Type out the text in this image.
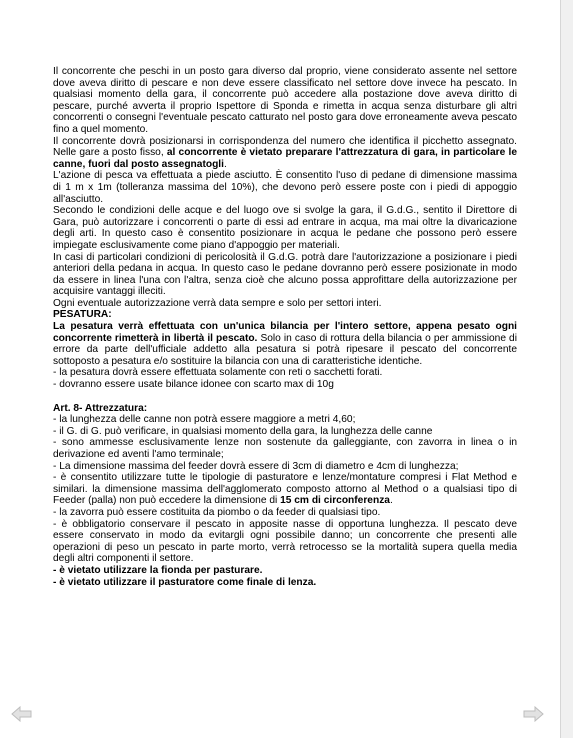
Il concorrente che peschi in un posto gara diverso dal proprio, viene considerato assente nel settore dove aveva diritto di pescare e non deve essere classificato nel settore dove invece ha pescato. In qualsiasi momento della gara, il concorrente può accedere alla postazione dove aveva diritto di pescare, purché avverta il proprio Ispettore di Sponda e rimetta in acqua senza disturbare gli altri concorrenti o consegni l'eventuale pescato catturato nel posto gara dove erroneamente aveva pescato fino a quel momento.

Il concorrente dovrà posizionarsi in corrispondenza del numero che identifica il picchetto assegnato. Nelle gare a posto fisso, al concorrente è vietato preparare l'attrezzatura di gara, in particolare le canne, fuori dal posto assegnatogli.

L'azione di pesca va effettuata a piede asciutto. È consentito l'uso di pedane di dimensione massima di 1 m x 1m (tolleranza massima del 10%), che devono però essere poste con i piedi di appoggio all'asciutto.

Secondo le condizioni delle acque e del luogo ove si svolge la gara, il G.d.G., sentito il Direttore di Gara, può autorizzare i concorrenti o parte di essi ad entrare in acqua, ma mai oltre la divaricazione degli arti. In questo caso è consentito posizionare in acqua le pedane che possono però essere impiegate esclusivamente come piano d'appoggio per materiali.

In casi di particolari condizioni di pericolosità il G.d.G. potrà dare l'autorizzazione a posizionare i piedi anteriori della pedana in acqua. In questo caso le pedane dovranno però essere posizionate in modo da essere in linea l'una con l'altra, senza cioè che alcuno possa approfittare della autorizzazione per acquisire vantaggi illeciti.

Ogni eventuale autorizzazione verrà data sempre e solo per settori interi.

PESATURA:

La pesatura verrà effettuata con un'unica bilancia per l'intero settore, appena pesato ogni concorrente rimetterà in libertà il pescato. Solo in caso di rottura della bilancia o per ammissione di errore da parte dell'ufficiale addetto alla pesatura si potrà ripesare il pescato del concorrente sottoposto a pesatura e/o sostituire la bilancia con una di caratteristiche identiche.

- la pesatura dovrà essere effettuata solamente con reti o sacchetti forati.

- dovranno essere usate bilance idonee con scarto max di 10g

Art. 8- Attrezzatura:

- la lunghezza delle canne non potrà essere maggiore a metri 4,60;

- il G. di G. può verificare, in qualsiasi momento della gara, la lunghezza delle canne

- sono ammesse esclusivamente lenze non sostenute da galleggiante, con zavorra in linea o in derivazione ed aventi l'amo terminale;

- La dimensione massima del feeder dovrà essere di 3cm di diametro e 4cm di lunghezza;

- è consentito utilizzare tutte le tipologie di pasturatore e lenze/montature compresi i Flat Method e similari. la dimensione massima dell'agglomerato composto attorno al Method o a qualsiasi tipo di Feeder (palla) non può eccedere la dimensione di 15 cm di circonferenza.

- la zavorra può essere costituita da piombo o da feeder di qualsiasi tipo.

- è obbligatorio conservare il pescato in apposite nasse di opportuna lunghezza. Il pescato deve essere conservato in modo da evitargli ogni possibile danno; un concorrente che presenti alle operazioni di peso un pescato in parte morto, verrà retrocesso se la mortalità supera quella media degli altri componenti il settore.

- è vietato utilizzare la fionda per pasturare.

- è vietato utilizzare il pasturatore come finale di lenza.
